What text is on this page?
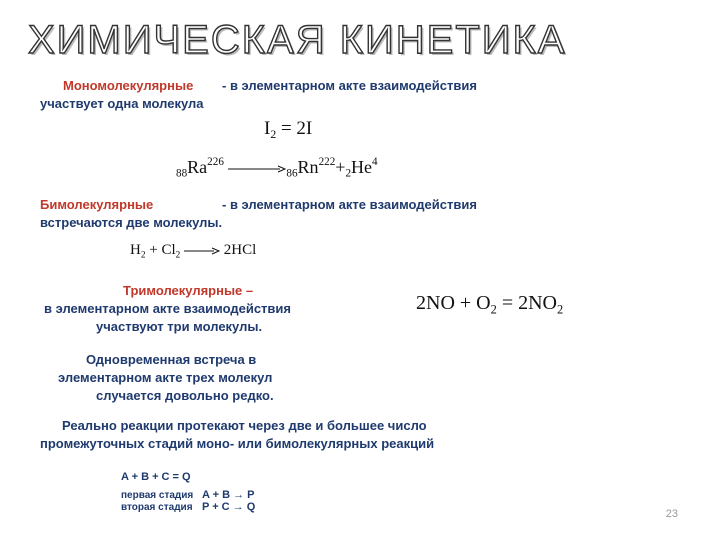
ХИМИЧЕСКАЯ КИНЕТИКА
Мономолекулярные - в элементарном акте взаимодействия
участвует одна молекула
$I_2 = 2I$
$_{88}Ra^{226} \to_{86}Rn^{222}+_2He^4$
Бимолекулярные	- в элементарном акте взаимодействия
встречаются две молекулы.
$H_2 + Cl_2 \to 2HCl$
Тримолекулярные –
в элементарном акте взаимодействия
участвуют три молекулы.
$2NO + O_2 = 2NO_2$
Одновременная встреча в
элементарном акте трех молекул
случается довольно редко.
Реально реакции протекают через две и большее число
промежуточных стадий моно- или бимолекулярных реакций
A + B + C = Q
первая стадия A + B → P
вторая стадия P + C → Q
23
